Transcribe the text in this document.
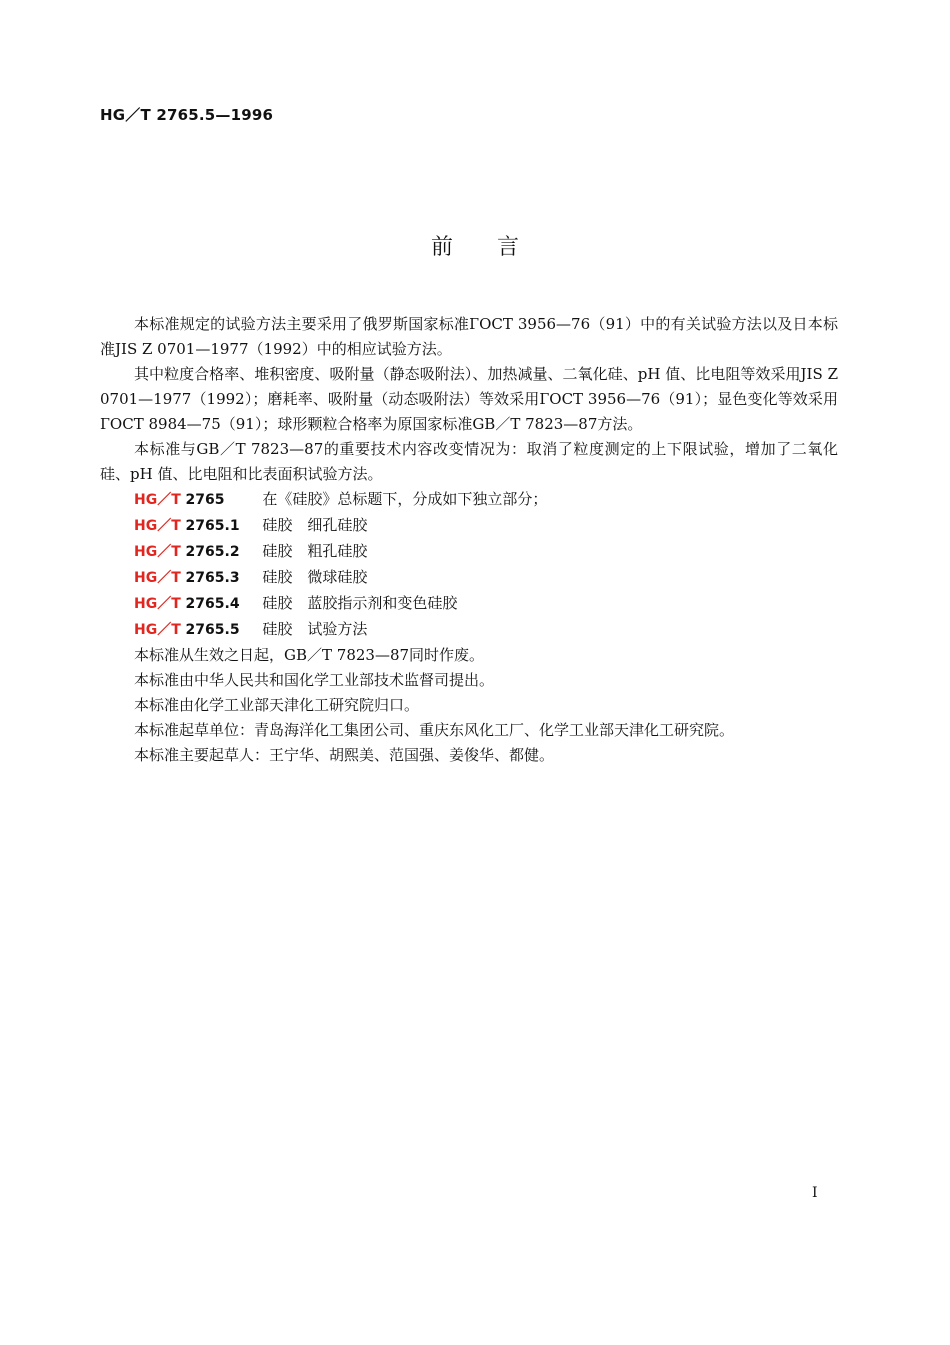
HG／T 2765.5—1996
前言

本标准规定的试验方法主要采用了俄罗斯国家标准ГОСТ 3956—76（91）中的有关试验方法以及日本标准JIS Z 0701—1977（1992）中的相应试验方法。

其中粒度合格率、堆积密度、吸附量（静态吸附法）、加热减量、二氧化硅、pH 值、比电阻等效采用JIS Z 0701—1977（1992）；磨耗率、吸附量（动态吸附法）等效采用ГОСТ 3956—76（91）；显色变化等效采用ГОСТ 8984—75（91）；球形颗粒合格率为原国家标准GB／T 7823—87方法。

本标准与GB／T 7823—87的重要技术内容改变情况为：取消了粒度测定的上下限试验，增加了二氧化硅、pH 值、比电阻和比表面积试验方法。

HG／T 2765	在《硅胶》总标题下，分成如下独立部分；
HG／T 2765.1 硅胶　细孔硅胶
HG／T 2765.2 硅胶　粗孔硅胶
HG／T 2765.3 硅胶　微球硅胶
HG／T 2765.4 硅胶　蓝胶指示剂和变色硅胶
HG／T 2765.5 硅胶　试验方法
本标准从生效之日起，GB／T 7823—87同时作废。
本标准由中华人民共和国化学工业部技术监督司提出。
本标准由化学工业部天津化工研究院归口。
本标准起草单位：青岛海洋化工集团公司、重庆东风化工厂、化学工业部天津化工研究院。
本标准主要起草人：王宁华、胡熙美、范国强、姜俊华、都健。
I
